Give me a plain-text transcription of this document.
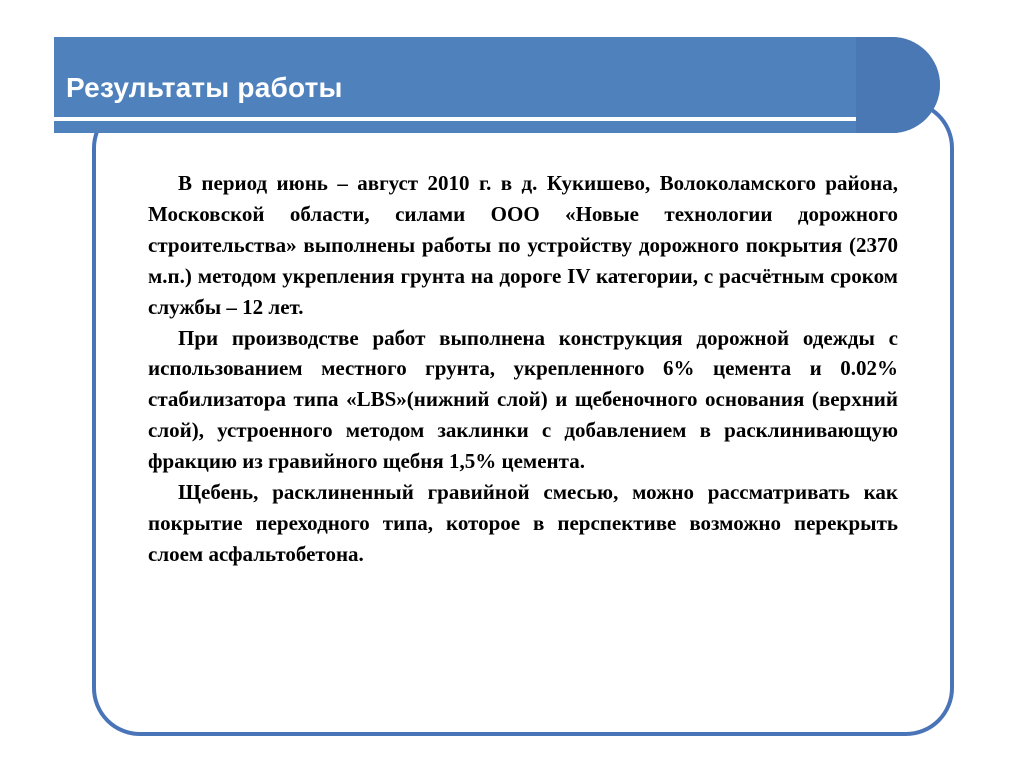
Результаты работы

В период июнь – август 2010 г. в д. Кукишево, Волоколамского района, Московской области, силами ООО «Новые технологии дорожного строительства» выполнены работы по устройству дорожного покрытия (2370 м.п.) методом укрепления грунта на дороге IV категории, с расчётным сроком службы – 12 лет.

При производстве работ выполнена конструкция дорожной одежды с использованием местного грунта, укрепленного 6% цемента и 0.02% стабилизатора типа «LBS»(нижний слой) и щебеночного основания (верхний слой), устроенного методом заклинки с добавлением в расклинивающую фракцию из гравийного щебня 1,5% цемента.

Щебень, расклиненный гравийной смесью, можно рассматривать как покрытие переходного типа, которое в перспективе возможно перекрыть слоем асфальтобетона.
